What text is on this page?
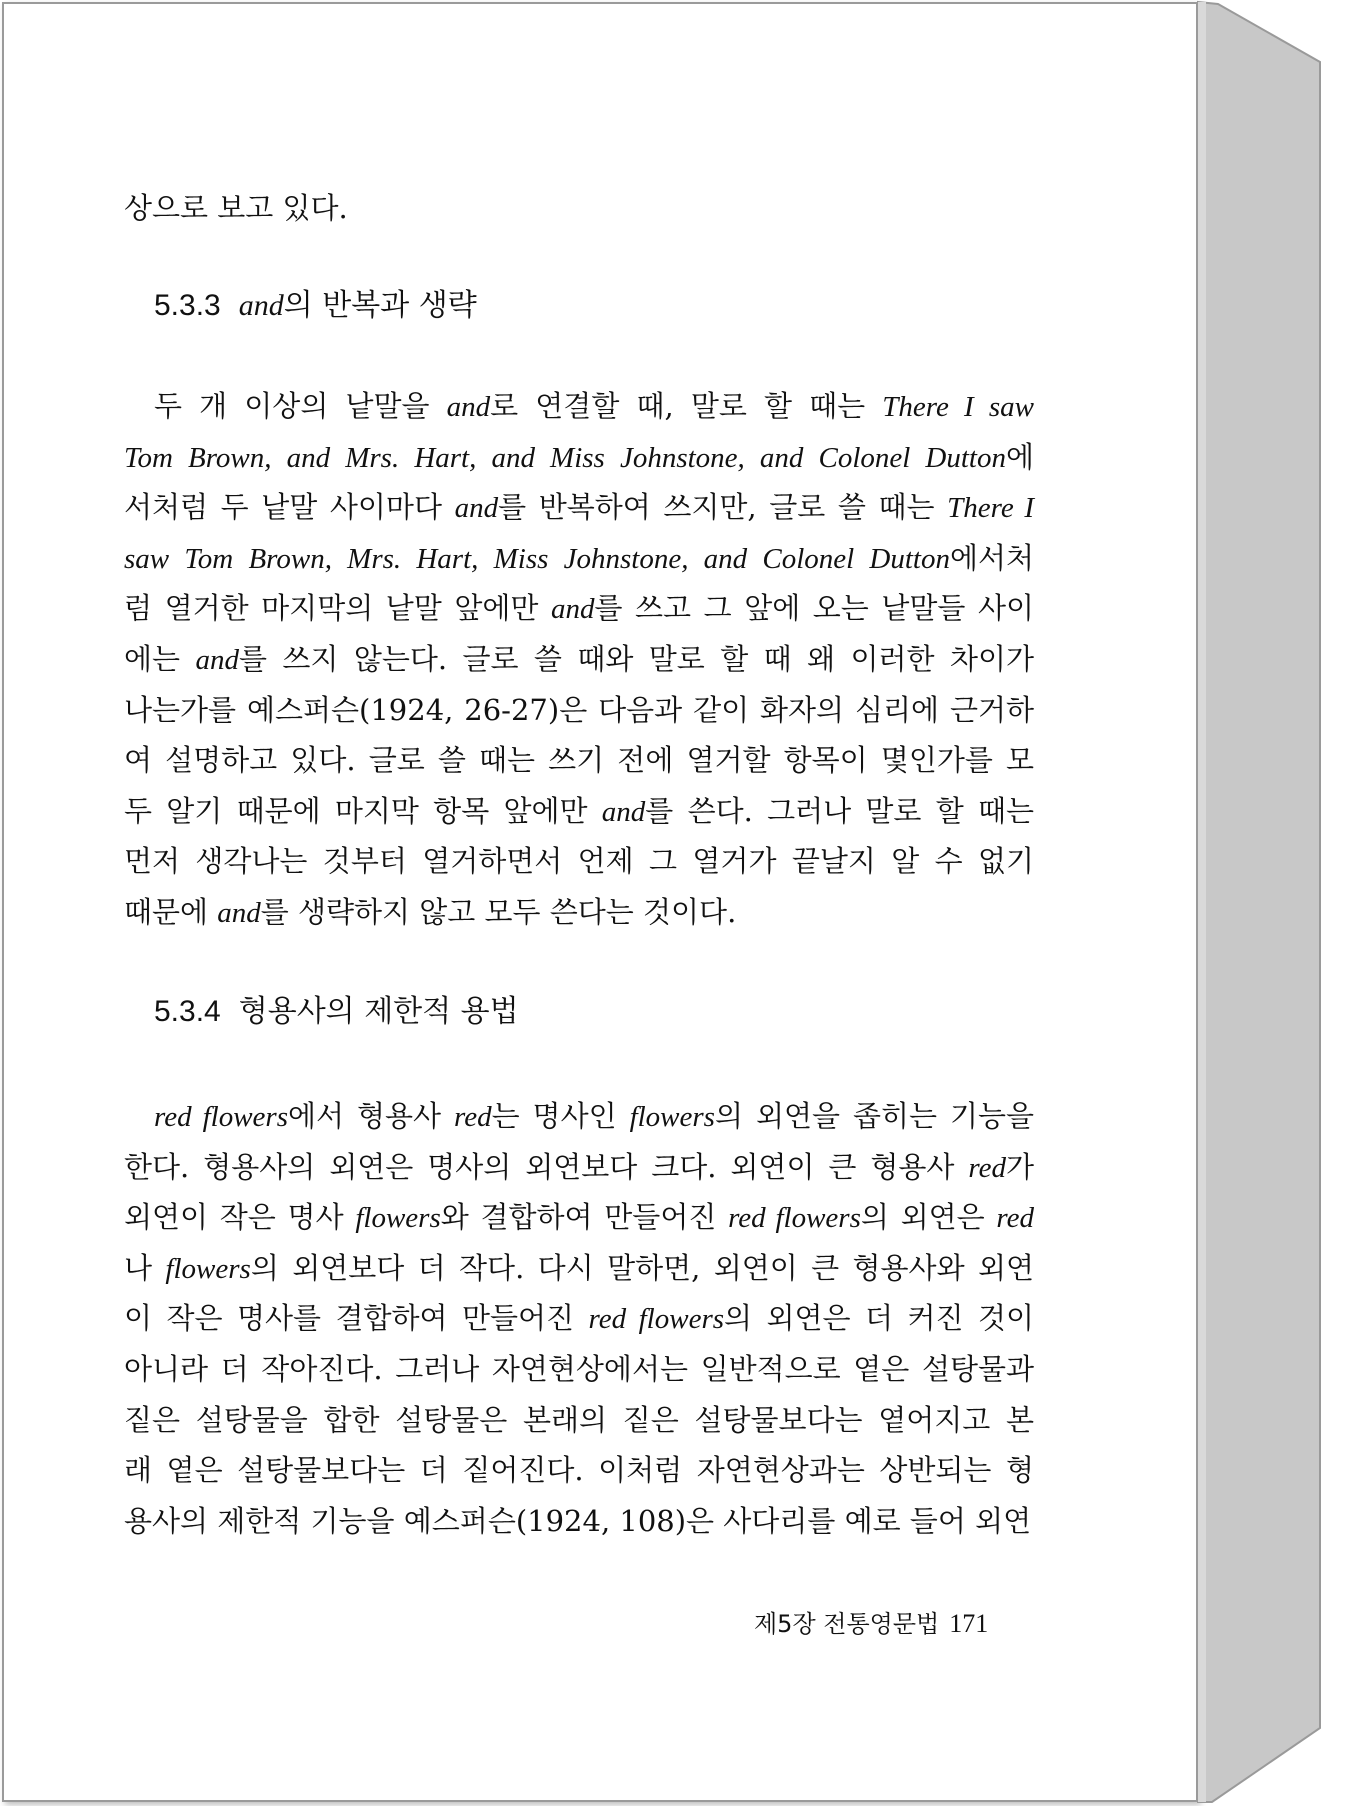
상으로 보고 있다.
5.3.3 and의 반복과 생략
두 개 이상의 낱말을 and로 연결할 때, 말로 할 때는 There I saw
Tom Brown, and Mrs. Hart, and Miss Johnstone, and Colonel Dutton에
서처럼 두 낱말 사이마다 and를 반복하여 쓰지만, 글로 쓸 때는 There I
saw Tom Brown, Mrs. Hart, Miss Johnstone, and Colonel Dutton에서처
럼 열거한 마지막의 낱말 앞에만 and를 쓰고 그 앞에 오는 낱말들 사이
에는 and를 쓰지 않는다. 글로 쓸 때와 말로 할 때 왜 이러한 차이가
나는가를 예스퍼슨(1924, 26-27)은 다음과 같이 화자의 심리에 근거하
여 설명하고 있다. 글로 쓸 때는 쓰기 전에 열거할 항목이 몇인가를 모
두 알기 때문에 마지막 항목 앞에만 and를 쓴다. 그러나 말로 할 때는
먼저 생각나는 것부터 열거하면서 언제 그 열거가 끝날지 알 수 없기
때문에 and를 생략하지 않고 모두 쓴다는 것이다.
5.3.4 형용사의 제한적 용법
red flowers에서 형용사 red는 명사인 flowers의 외연을 좁히는 기능을
한다. 형용사의 외연은 명사의 외연보다 크다. 외연이 큰 형용사 red가
외연이 작은 명사 flowers와 결합하여 만들어진 red flowers의 외연은 red
나 flowers의 외연보다 더 작다. 다시 말하면, 외연이 큰 형용사와 외연
이 작은 명사를 결합하여 만들어진 red flowers의 외연은 더 커진 것이
아니라 더 작아진다. 그러나 자연현상에서는 일반적으로 옅은 설탕물과
짙은 설탕물을 합한 설탕물은 본래의 짙은 설탕물보다는 옅어지고 본
래 옅은 설탕물보다는 더 짙어진다. 이처럼 자연현상과는 상반되는 형
용사의 제한적 기능을 예스퍼슨(1924, 108)은 사다리를 예로 들어 외연
제5장 전통영문법 171
